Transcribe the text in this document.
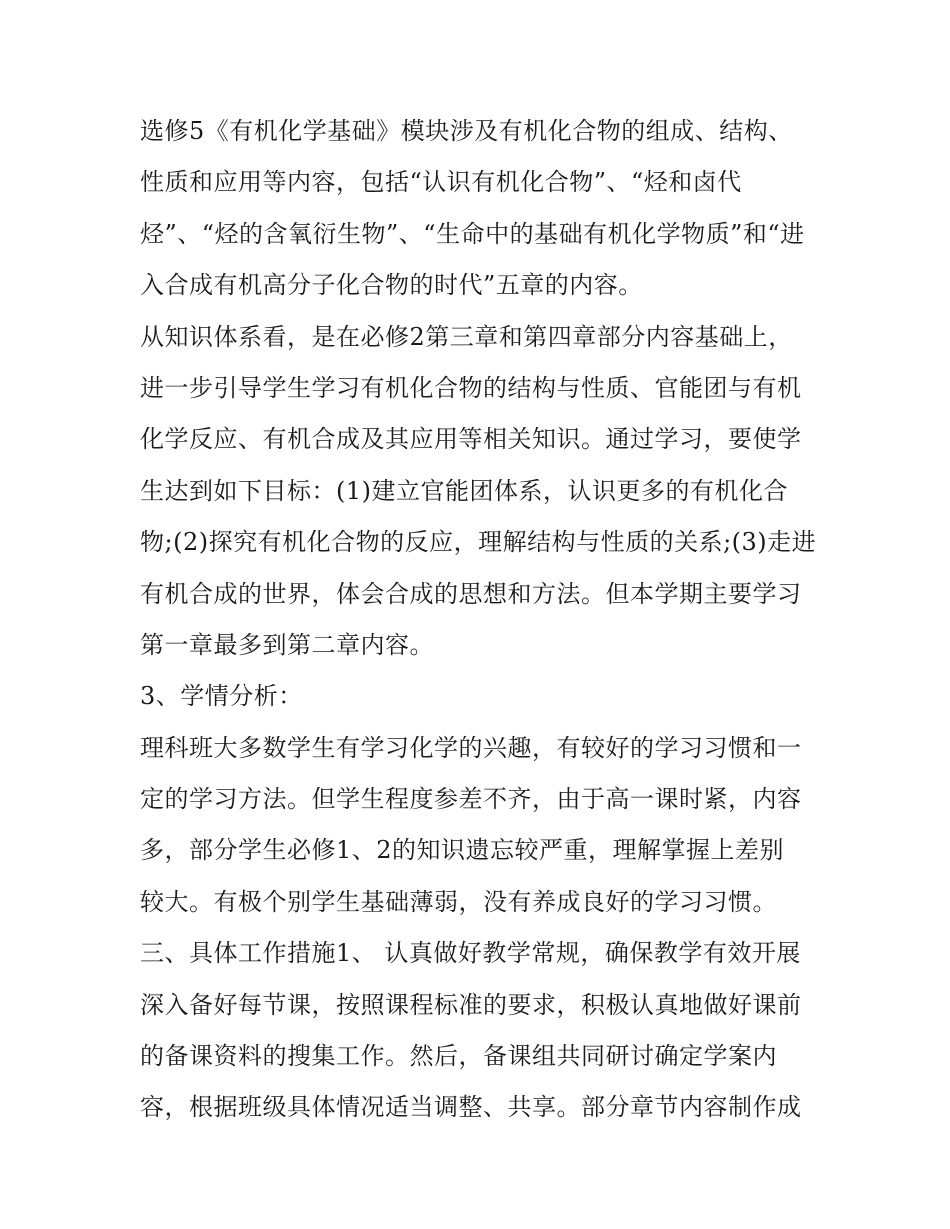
选修5《有机化学基础》模块涉及有机化合物的组成、结构、
性质和应用等内容，包括“认识有机化合物”、“烃和卤代
烃”、“烃的含氧衍生物”、“生命中的基础有机化学物质”和“进
入合成有机高分子化合物的时代”五章的内容。
从知识体系看，是在必修2第三章和第四章部分内容基础上，
进一步引导学生学习有机化合物的结构与性质、官能团与有机
化学反应、有机合成及其应用等相关知识。通过学习，要使学
生达到如下目标：(1)建立官能团体系，认识更多的有机化合
物;(2)探究有机化合物的反应，理解结构与性质的关系;(3)走进
有机合成的世界，体会合成的思想和方法。但本学期主要学习
第一章最多到第二章内容。
3、学情分析：
理科班大多数学生有学习化学的兴趣，有较好的学习习惯和一
定的学习方法。但学生程度参差不齐，由于高一课时紧，内容
多，部分学生必修1、2的知识遗忘较严重，理解掌握上差别
较大。有极个别学生基础薄弱，没有养成良好的学习习惯。
三、具体工作措施1、 认真做好教学常规，确保教学有效开展
深入备好每节课，按照课程标准的要求，积极认真地做好课前
的备课资料的搜集工作。然后，备课组共同研讨确定学案内
容，根据班级具体情况适当调整、共享。部分章节内容制作成
